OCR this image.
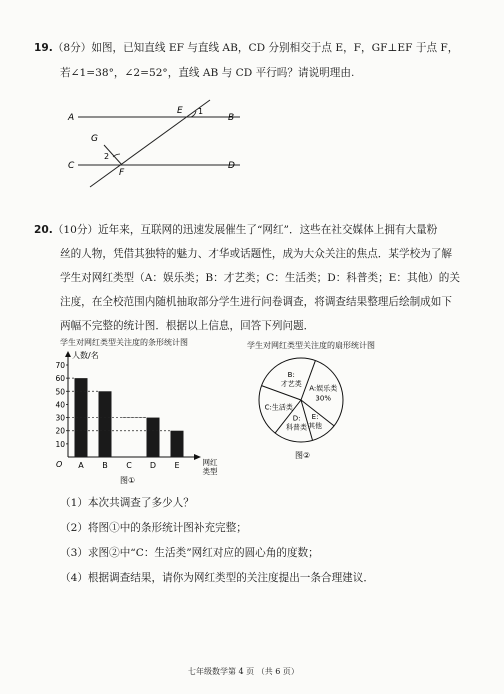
19.（8分）如图，已知直线 EF 与直线 AB，CD 分别相交于点 E，F，GF⊥EF 于点 F，
若∠1=38°，∠2=52°，直线 AB 与 CD 平行吗？请说明理由.
A	B
C	D
E
F
G
1
2
20.（10分）近年来，互联网的迅速发展催生了“网红”．这些在社交媒体上拥有大量粉
丝的人物，凭借其独特的魅力、才华或话题性，成为大众关注的焦点．某学校为了解
学生对网红类型（A：娱乐类；B：才艺类；C：生活类；D：科普类；E：其他）的关
注度，在全校范围内随机抽取部分学生进行问卷调查，将调查结果整理后绘制成如下
两幅不完整的统计图．根据以上信息，回答下列问题．
学生对网红类型关注度的条形统计图
人数/名
O
10
20
30
40
50
60
70
A B C D E	网红
类型
图①
学生对网红类型关注度的扇形统计图
A:娱乐类
30%
E:
其他
D:
科普类
C:生活类
B:
才艺类
图②
（1）本次共调查了多少人？
（2）将图①中的条形统计图补充完整；
（3）求图②中“C：生活类”网红对应的圆心角的度数；
（4）根据调查结果，请你为网红类型的关注度提出一条合理建议．
七年级数学第 4 页 （共 6 页）
